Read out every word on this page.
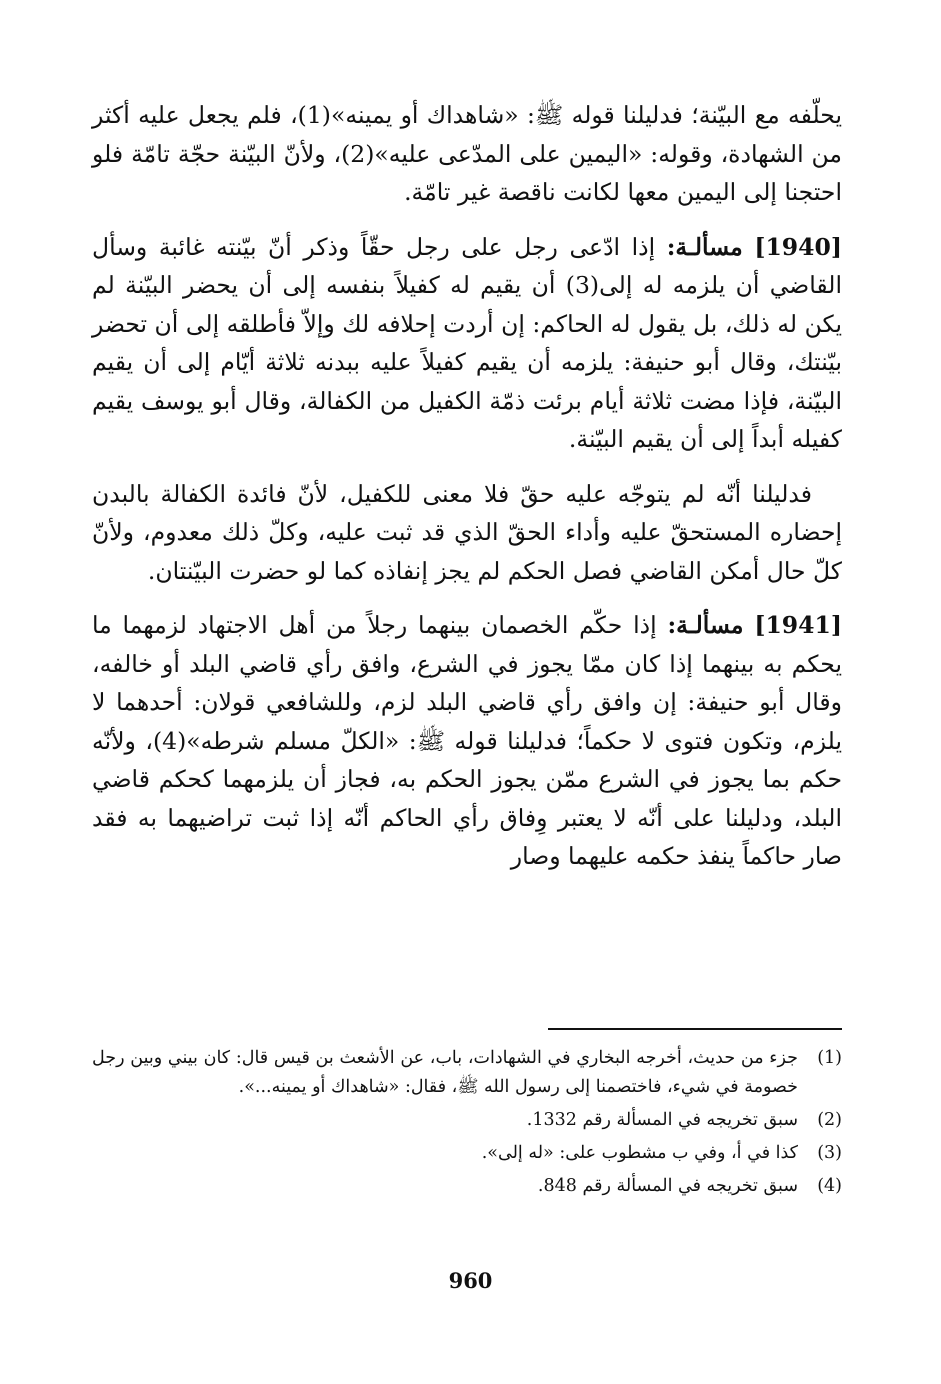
يحلّفه مع البيّنة؛ فدليلنا قوله ﷺ: «شاهداك أو يمينه»(1)، فلم يجعل عليه أكثر من الشهادة، وقوله: «اليمين على المدّعى عليه»(2)، ولأنّ البيّنة حجّة تامّة فلو احتجنا إلى اليمين معها لكانت ناقصة غير تامّة.

[1940] مسألـة: إذا ادّعى رجل على رجل حقّاً وذكر أنّ بيّنته غائبة وسأل القاضي أن يلزمه له إلى(3) أن يقيم له كفيلاً بنفسه إلى أن يحضر البيّنة لم يكن له ذلك، بل يقول له الحاكم: إن أردت إحلافه لك وإلاّ فأطلقه إلى أن تحضر بيّنتك، وقال أبو حنيفة: يلزمه أن يقيم كفيلاً عليه ببدنه ثلاثة أيّام إلى أن يقيم البيّنة، فإذا مضت ثلاثة أيام برئت ذمّة الكفيل من الكفالة، وقال أبو يوسف يقيم كفيله أبداً إلى أن يقيم البيّنة.

فدليلنا أنّه لم يتوجّه عليه حقّ فلا معنى للكفيل، لأنّ فائدة الكفالة بالبدن إحضاره المستحقّ عليه وأداء الحقّ الذي قد ثبت عليه، وكلّ ذلك معدوم، ولأنّ كلّ حال أمكن القاضي فصل الحكم لم يجز إنفاذه كما لو حضرت البيّنتان.

[1941] مسألـة: إذا حكّم الخصمان بينهما رجلاً من أهل الاجتهاد لزمهما ما يحكم به بينهما إذا كان ممّا يجوز في الشرع، وافق رأي قاضي البلد أو خالفه، وقال أبو حنيفة: إن وافق رأي قاضي البلد لزم، وللشافعي قولان: أحدهما لا يلزم، وتكون فتوى لا حكماً؛ فدليلنا قوله ﷺ: «الكلّ مسلم شرطه»(4)، ولأنّه حكم بما يجوز في الشرع ممّن يجوز الحكم به، فجاز أن يلزمهما كحكم قاضي البلد، ودليلنا على أنّه لا يعتبر وِفاق رأي الحاكم أنّه إذا ثبت تراضيهما به فقد صار حاكماً ينفذ حكمه عليهما وصار

(1)
جزء من حديث، أخرجه البخاري في الشهادات، باب، عن الأشعث بن قيس قال: كان بيني وبين رجل خصومة في شيء، فاختصمنا إلى رسول الله ﷺ، فقال: «شاهداك أو يمينه...».
(2)
سبق تخريجه في المسألة رقم 1332.
(3)
كذا في أ، وفي ب مشطوب على: «له إلى».
(4)
سبق تخريجه في المسألة رقم 848.
960
